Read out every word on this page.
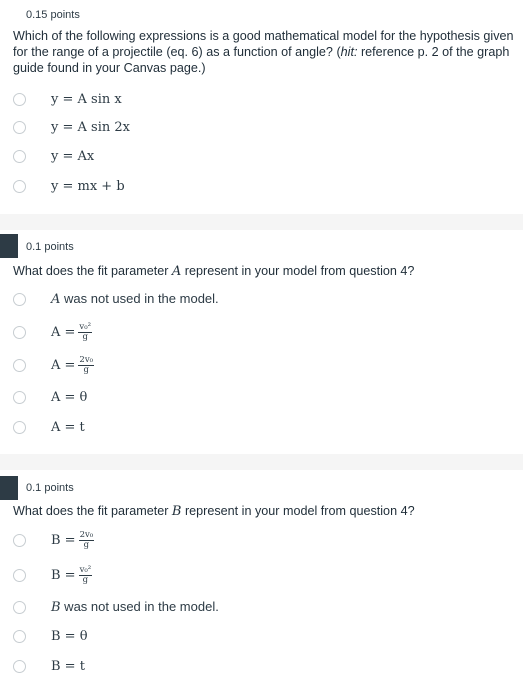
0.15 points
Which of the following expressions is a good mathematical model for the hypothesis given for the range of a projectile (eq. 6) as a function of angle? (hit: reference p. 2 of the graph guide found in your Canvas page.)
y = A sin x
y = A sin 2x
y = Ax
y = mx + b
0.1 points
What does the fit parameter A represent in your model from question 4?
A was not used in the model.
$A = \frac{\text{v₀²}}{g}$
$A = \frac{\text{2v₀}}{g}$
A = θ
A = t
0.1 points
What does the fit parameter B represent in your model from question 4?
$B = \frac{\text{2v₀}}{g}$
$B = \frac{\text{v₀²}}{g}$
B was not used in the model.
B = θ
B = t
